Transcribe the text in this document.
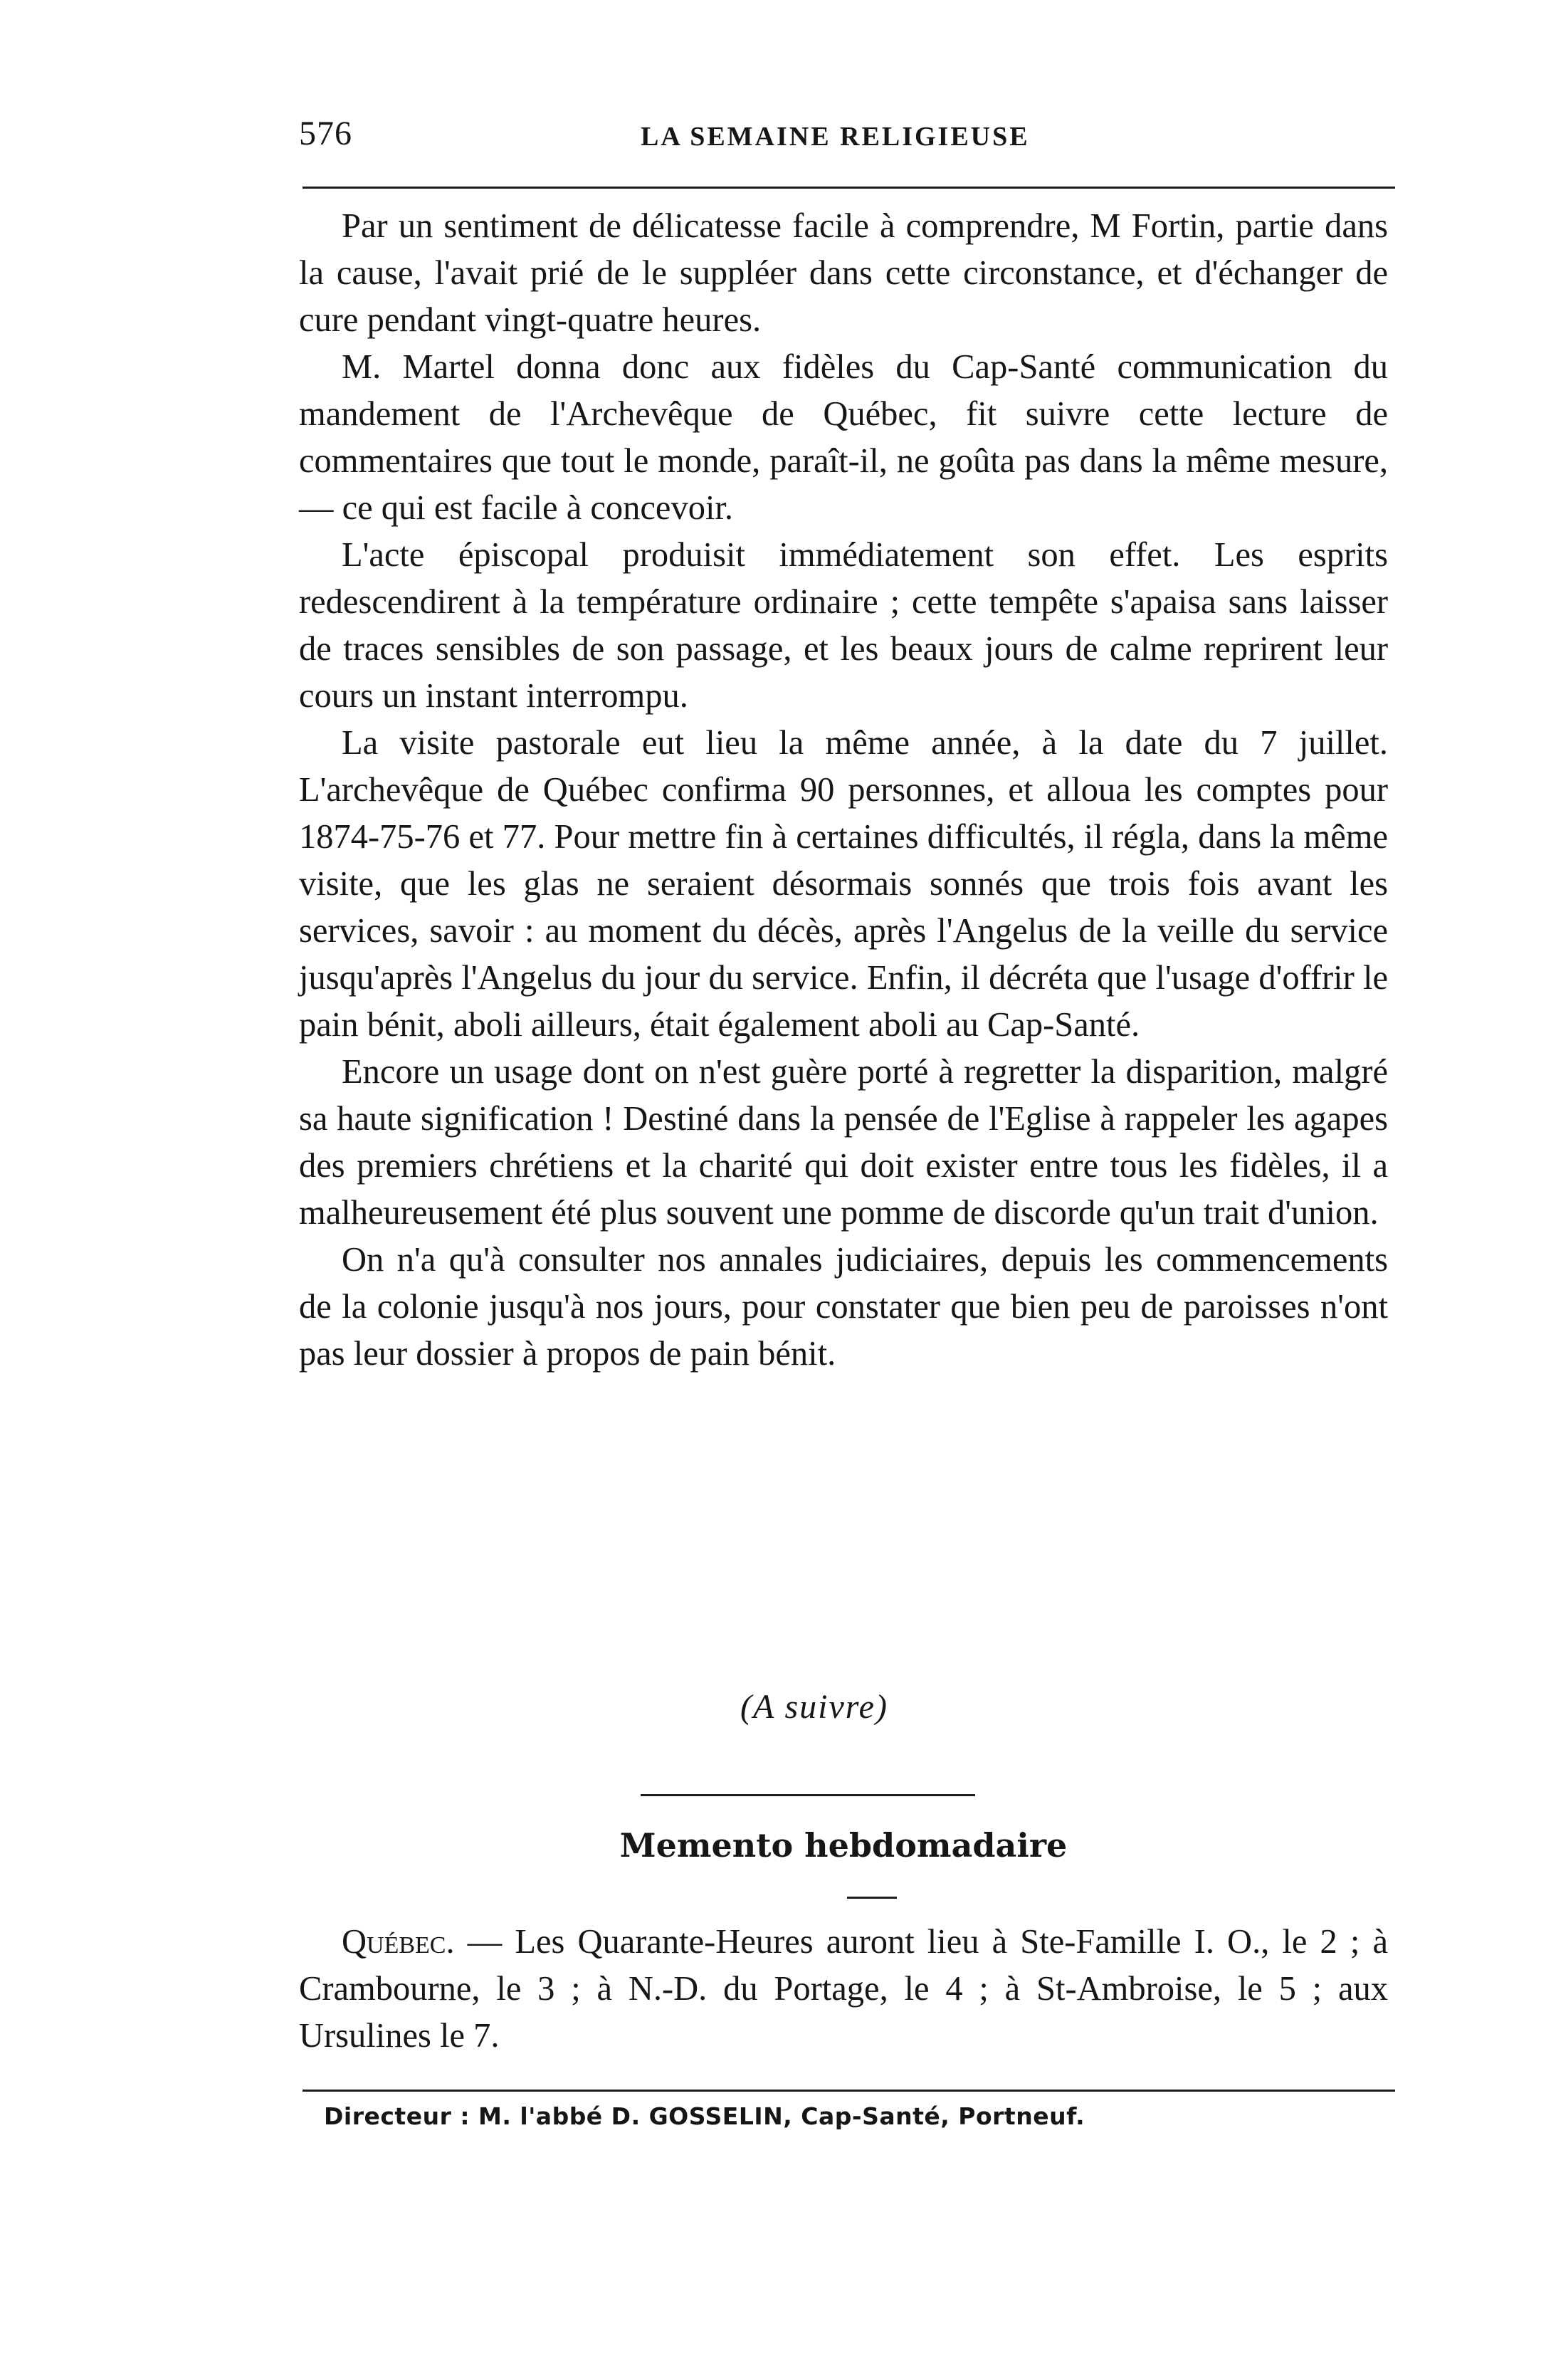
576	LA SEMAINE RELIGIEUSE

Par un sentiment de délicatesse facile à comprendre, M Fortin, partie dans la cause, l'avait prié de le suppléer dans cette circonstance, et d'échanger de cure pendant vingt-quatre heures.

M. Martel donna donc aux fidèles du Cap-Santé communication du mandement de l'Archevêque de Québec, fit suivre cette lecture de commentaires que tout le monde, paraît-il, ne goûta pas dans la même mesure, — ce qui est facile à concevoir.

L'acte épiscopal produisit immédiatement son effet. Les esprits redescendirent à la température ordinaire ; cette tempête s'apaisa sans laisser de traces sensibles de son passage, et les beaux jours de calme reprirent leur cours un instant interrompu.

La visite pastorale eut lieu la même année, à la date du 7 juillet. L'archevêque de Québec confirma 90 personnes, et alloua les comptes pour 1874-75-76 et 77. Pour mettre fin à certaines difficultés, il régla, dans la même visite, que les glas ne seraient désormais sonnés que trois fois avant les services, savoir : au moment du décès, après l'Angelus de la veille du service jusqu'après l'Angelus du jour du service. Enfin, il décréta que l'usage d'offrir le pain bénit, aboli ailleurs, était également aboli au Cap-Santé.

Encore un usage dont on n'est guère porté à regretter la disparition, malgré sa haute signification ! Destiné dans la pensée de l'Eglise à rappeler les agapes des premiers chrétiens et la charité qui doit exister entre tous les fidèles, il a malheureusement été plus souvent une pomme de discorde qu'un trait d'union.

On n'a qu'à consulter nos annales judiciaires, depuis les commencements de la colonie jusqu'à nos jours, pour constater que bien peu de paroisses n'ont pas leur dossier à propos de pain bénit.

(A suivre)
Memento hebdomadaire

Québec. — Les Quarante-Heures auront lieu à Ste-Famille I. O., le 2 ; à Crambourne, le 3 ; à N.-D. du Portage, le 4 ; à St-Ambroise, le 5 ; aux Ursulines le 7.

Directeur : M. l'abbé D. GOSSELIN, Cap-Santé, Portneuf.
